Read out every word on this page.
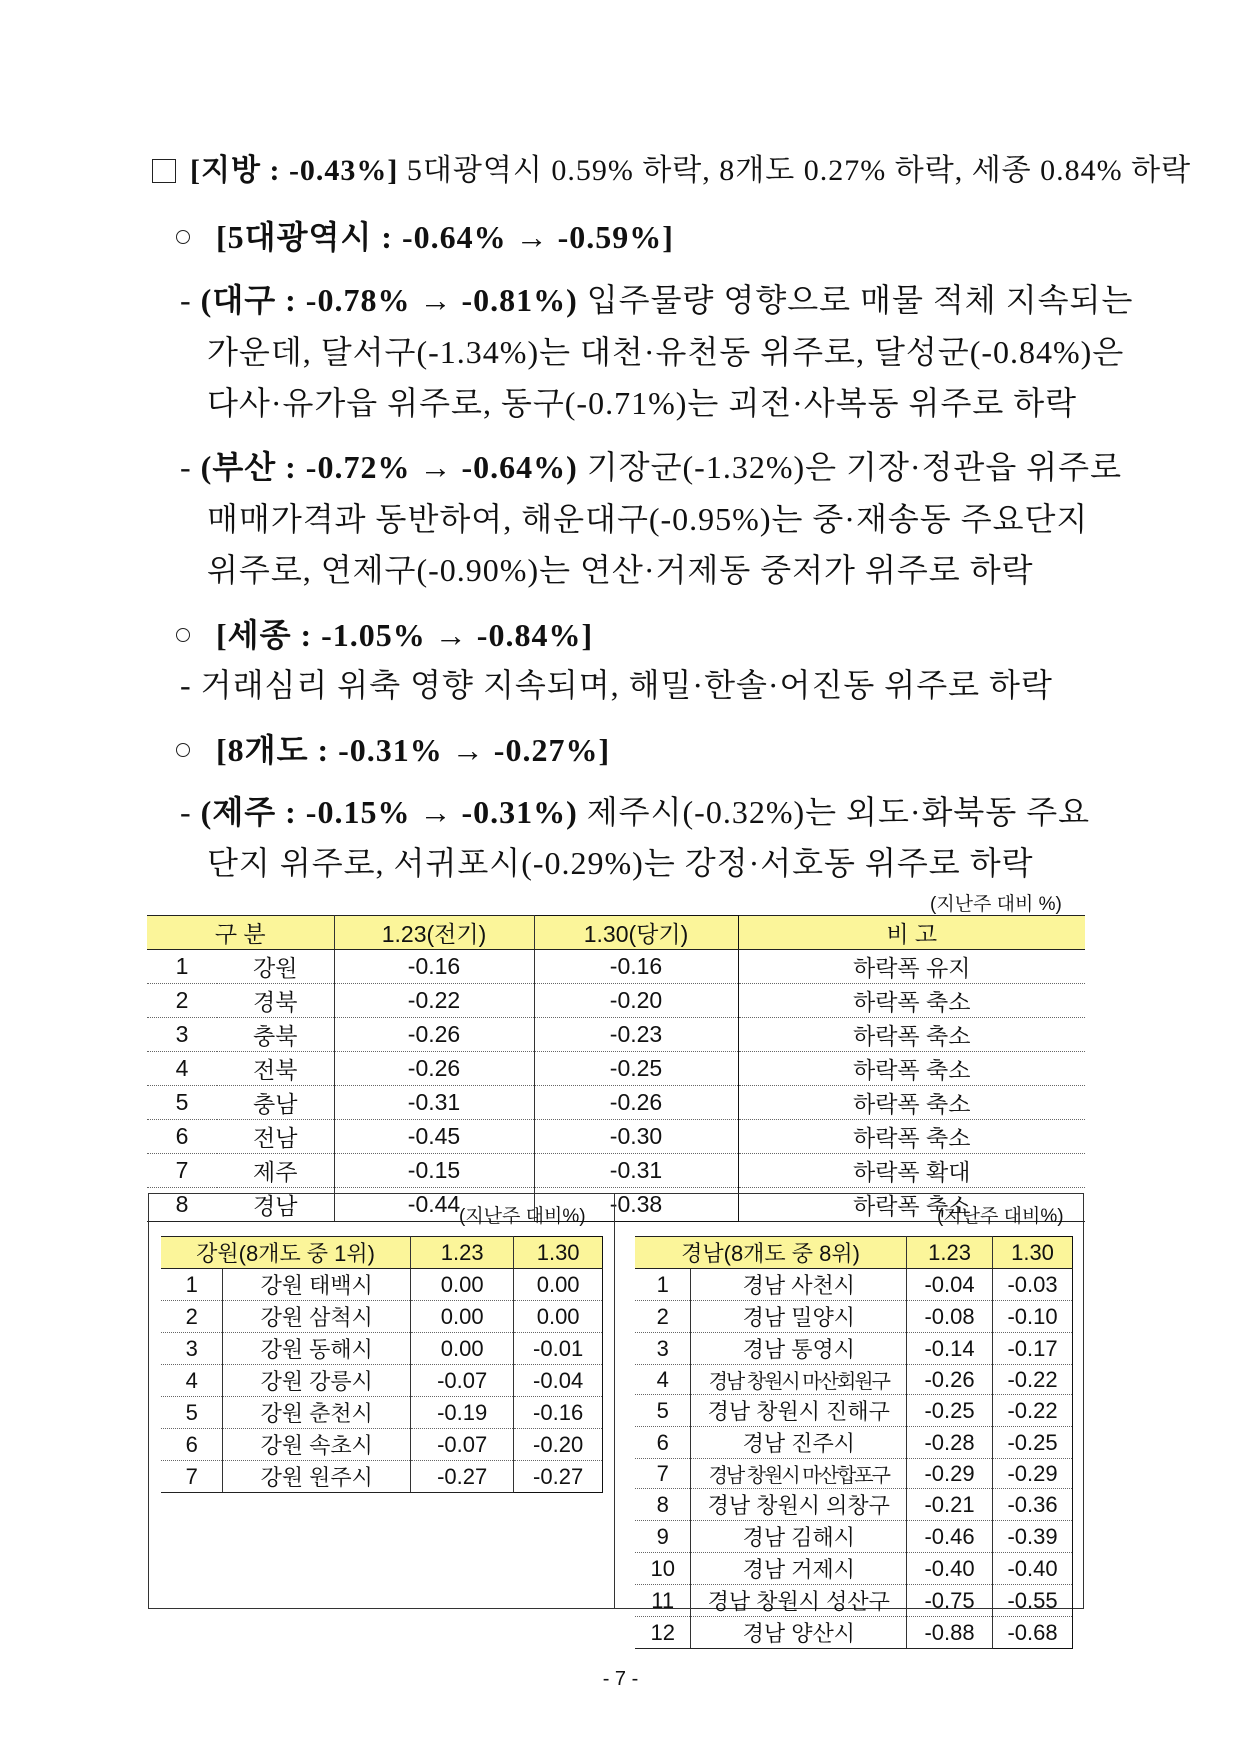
[지방 : -0.43%] 5대광역시 0.59% 하락, 8개도 0.27% 하락, 세종 0.84% 하락
[5대광역시 : -0.64% → -0.59%]
- (대구 : -0.78% → -0.81%) 입주물량 영향으로 매물 적체 지속되는
가운데, 달서구(-1.34%)는 대천·유천동 위주로, 달성군(-0.84%)은
다사·유가읍 위주로, 동구(-0.71%)는 괴전·사복동 위주로 하락
- (부산 : -0.72% → -0.64%) 기장군(-1.32%)은 기장·정관읍 위주로
매매가격과 동반하여, 해운대구(-0.95%)는 중·재송동 주요단지
위주로, 연제구(-0.90%)는 연산·거제동 중저가 위주로 하락
[세종 : -1.05% → -0.84%]
- 거래심리 위축 영향 지속되며, 해밀·한솔·어진동 위주로 하락
[8개도 : -0.31% → -0.27%]
- (제주 : -0.15% → -0.31%) 제주시(-0.32%)는 외도·화북동 주요
단지 위주로, 서귀포시(-0.29%)는 강정·서호동 위주로 하락
(지난주 대비 %)
구 분		1.23(전기)	1.30(당기)	비 고
1	강원	-0.16	-0.16	하락폭 유지
2	경북	-0.22	-0.20	하락폭 축소
3	충북	-0.26	-0.23	하락폭 축소
4	전북	-0.26	-0.25	하락폭 축소
5	충남	-0.31	-0.26	하락폭 축소
6	전남	-0.45	-0.30	하락폭 축소
7	제주	-0.15	-0.31	하락폭 확대
8	경남	-0.44	-0.38	하락폭 축소
(지난주 대비%)
강원(8개도 중 1위)		1.23	1.30
1	강원 태백시	0.00	0.00
2	강원 삼척시	0.00	0.00
3	강원 동해시	0.00	-0.01
4	강원 강릉시	-0.07	-0.04
5	강원 춘천시	-0.19	-0.16
6	강원 속초시	-0.07	-0.20
7	강원 원주시	-0.27	-0.27
(지난주 대비%)
경남(8개도 중 8위)		1.23	1.30
1	경남 사천시	-0.04	-0.03
2	경남 밀양시	-0.08	-0.10
3	경남 통영시	-0.14	-0.17
4	경남 창원시 마산회원구	-0.26	-0.22
5	경남 창원시 진해구	-0.25	-0.22
6	경남 진주시	-0.28	-0.25
7	경남 창원시 마산합포구	-0.29	-0.29
8	경남 창원시 의창구	-0.21	-0.36
9	경남 김해시	-0.46	-0.39
10	경남 거제시	-0.40	-0.40
11	경남 창원시 성산구	-0.75	-0.55
12	경남 양산시	-0.88	-0.68
- 7 -
